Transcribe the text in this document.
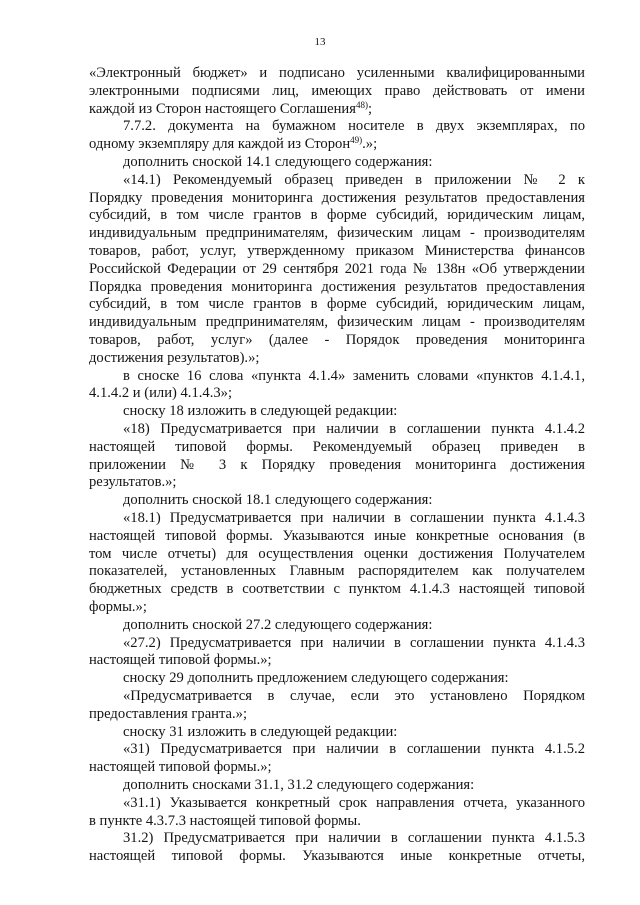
13
«Электронный бюджет» и подписано усиленными квалифицированными
электронными подписями лиц, имеющих право действовать от имени
каждой из Сторон настоящего Соглашения$^{48)}$;
7.7.2. документа на бумажном носителе в двух экземплярах, по
одному экземпляру для каждой из Сторон$^{49)}$.»;
дополнить сноской 14.1 следующего содержания:
«14.1) Рекомендуемый образец приведен в приложении № 2 к
Порядку проведения мониторинга достижения результатов предоставления
субсидий, в том числе грантов в форме субсидий, юридическим лицам,
индивидуальным предпринимателям, физическим лицам - производителям
товаров, работ, услуг, утвержденному приказом Министерства финансов
Российской Федерации от 29 сентября 2021 года № 138н «Об утверждении
Порядка проведения мониторинга достижения результатов предоставления
субсидий, в том числе грантов в форме субсидий, юридическим лицам,
индивидуальным предпринимателям, физическим лицам - производителям
товаров, работ, услуг» (далее - Порядок проведения мониторинга
достижения результатов).»;
в сноске 16 слова «пункта 4.1.4» заменить словами «пунктов 4.1.4.1,
4.1.4.2 и (или) 4.1.4.3»;
сноску 18 изложить в следующей редакции:
«18) Предусматривается при наличии в соглашении пункта 4.1.4.2
настоящей типовой формы. Рекомендуемый образец приведен в
приложении № 3 к Порядку проведения мониторинга достижения
результатов.»;
дополнить сноской 18.1 следующего содержания:
«18.1) Предусматривается при наличии в соглашении пункта 4.1.4.3
настоящей типовой формы. Указываются иные конкретные основания (в
том числе отчеты) для осуществления оценки достижения Получателем
показателей, установленных Главным распорядителем как получателем
бюджетных средств в соответствии с пунктом 4.1.4.3 настоящей типовой
формы.»;
дополнить сноской 27.2 следующего содержания:
«27.2) Предусматривается при наличии в соглашении пункта 4.1.4.3
настоящей типовой формы.»;
сноску 29 дополнить предложением следующего содержания:
«Предусматривается в случае, если это установлено Порядком
предоставления гранта.»;
сноску 31 изложить в следующей редакции:
«31) Предусматривается при наличии в соглашении пункта 4.1.5.2
настоящей типовой формы.»;
дополнить сносками 31.1, 31.2 следующего содержания:
«31.1) Указывается конкретный срок направления отчета, указанного
в пункте 4.3.7.3 настоящей типовой формы.
31.2) Предусматривается при наличии в соглашении пункта 4.1.5.3
настоящей типовой формы. Указываются иные конкретные отчеты,
